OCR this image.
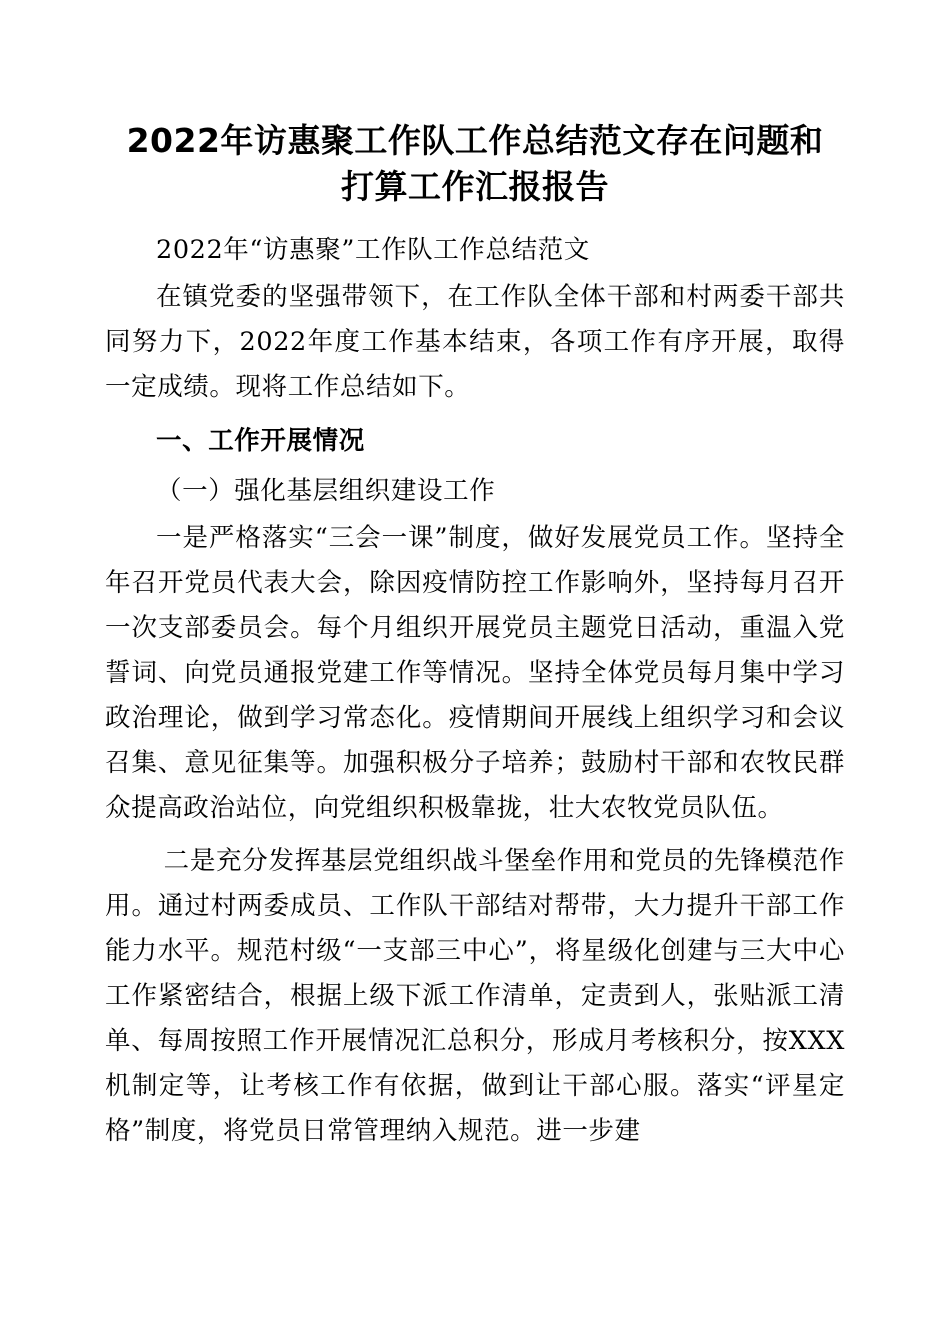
2022年访惠聚工作队工作总结范文存在问题和打算工作汇报报告

2022年“访惠聚”工作队工作总结范文

在镇党委的坚强带领下，在工作队全体干部和村两委干部共同努力下，2022年度工作基本结束，各项工作有序开展，取得一定成绩。现将工作总结如下。

一、工作开展情况

（一）强化基层组织建设工作

一是严格落实“三会一课”制度，做好发展党员工作。坚持全年召开党员代表大会，除因疫情防控工作影响外，坚持每月召开一次支部委员会。每个月组织开展党员主题党日活动，重温入党誓词、向党员通报党建工作等情况。坚持全体党员每月集中学习政治理论，做到学习常态化。疫情期间开展线上组织学习和会议召集、意见征集等。加强积极分子培养；鼓励村干部和农牧民群众提高政治站位，向党组织积极靠拢，壮大农牧党员队伍。

二是充分发挥基层党组织战斗堡垒作用和党员的先锋模范作用。通过村两委成员、工作队干部结对帮带，大力提升干部工作能力水平。规范村级“一支部三中心”，将星级化创建与三大中心工作紧密结合，根据上级下派工作清单，定责到人，张贴派工清单、每周按照工作开展情况汇总积分，形成月考核积分，按XXX机制定等，让考核工作有依据，做到让干部心服。落实“评星定格”制度，将党员日常管理纳入规范。进一步建
